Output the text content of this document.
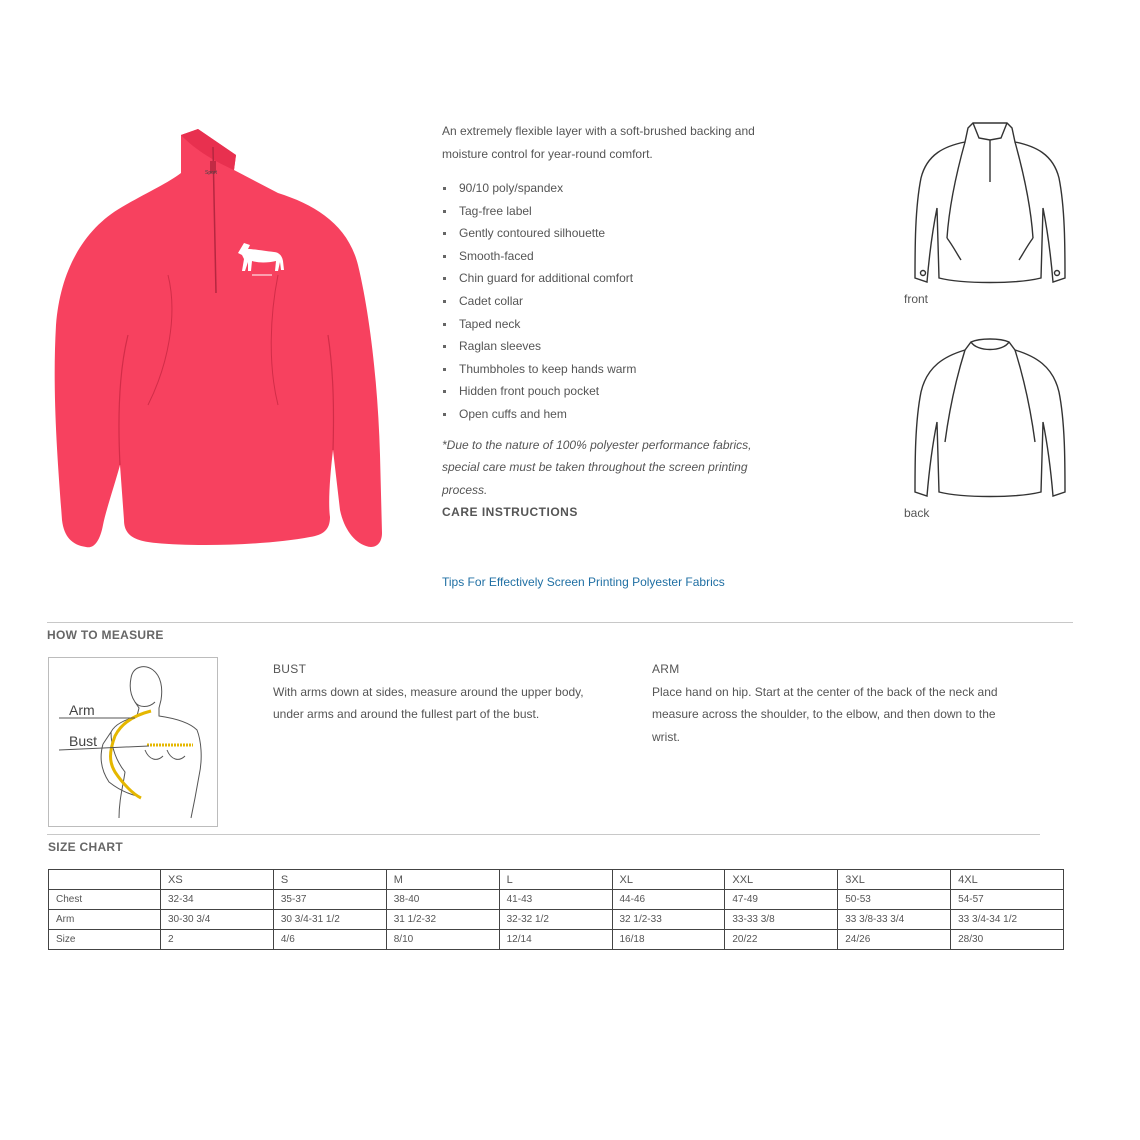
Sport
An extremely flexible layer with a soft-brushed backing and moisture control for year-round comfort.
90/10 poly/spandex
Tag-free label
Gently contoured silhouette
Smooth-faced
Chin guard for additional comfort
Cadet collar
Taped neck
Raglan sleeves
Thumbholes to keep hands warm
Hidden front pouch pocket
Open cuffs and hem
*Due to the nature of 100% polyester performance fabrics, special care must be taken throughout the screen printing process.
CARE INSTRUCTIONS
Tips For Effectively Screen Printing Polyester Fabrics
front
back
HOW TO MEASURE
Arm
Bust
BUST
With arms down at sides, measure around the upper body, under arms and around the fullest part of the bust.
ARM
Place hand on hip. Start at the center of the back of the neck and measure across the shoulder, to the elbow, and then down to the wrist.
SIZE CHART
	XS	S	M	L	XL	XXL	3XL	4XL
Chest	32-34	35-37	38-40	41-43	44-46	47-49	50-53	54-57
Arm	30-30 3/4	30 3/4-31 1/2	31 1/2-32	32-32 1/2	32 1/2-33	33-33 3/8	33 3/8-33 3/4	33 3/4-34 1/2
Size	2	4/6	8/10	12/14	16/18	20/22	24/26	28/30
